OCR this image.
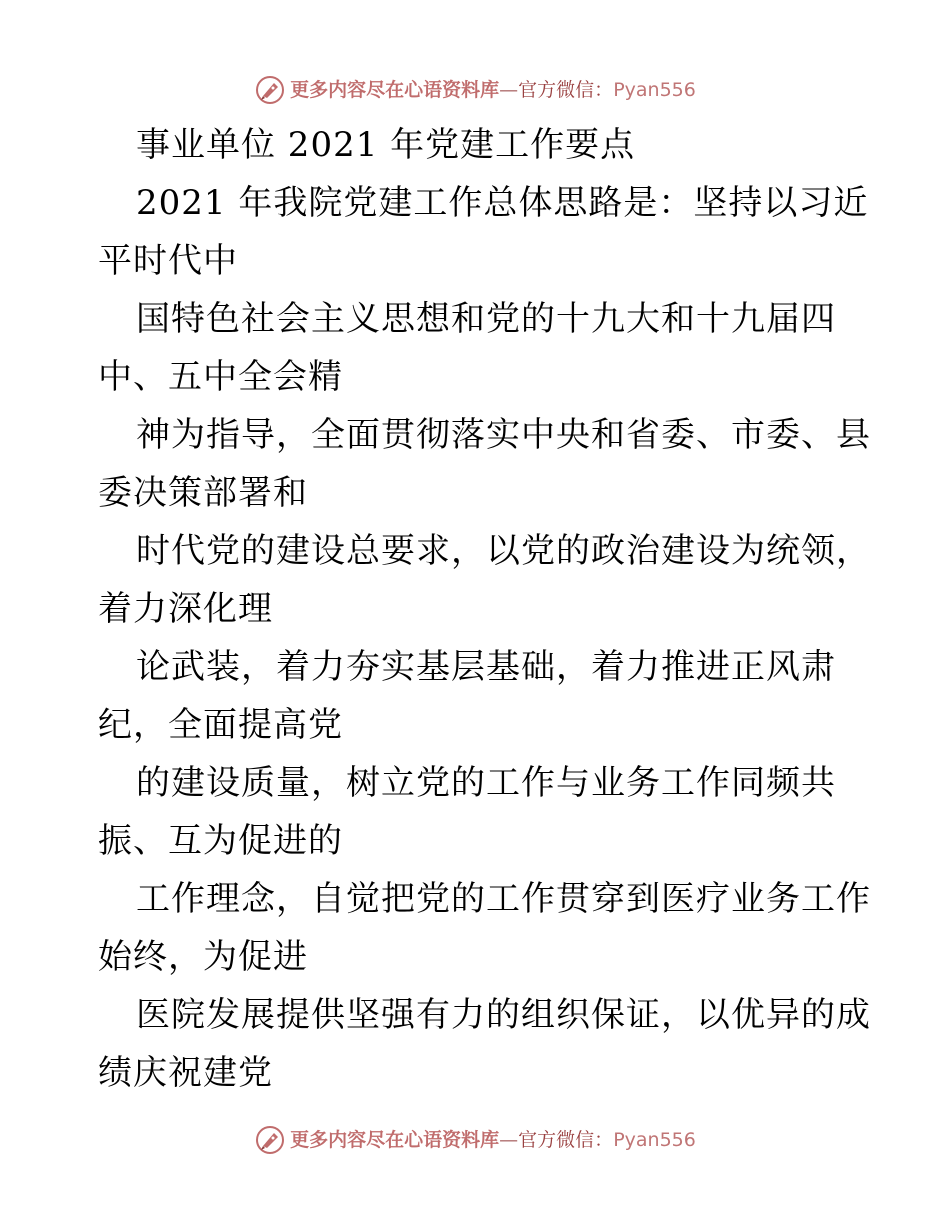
更多内容尽在心语资料库 — 官方微信： Pyan556
事业单位 2021 年党建工作要点
2021 年我院党建工作总体思路是：坚持以习近
平时代中
国特色社会主义思想和党的十九大和十九届四
中、五中全会精
神为指导，全面贯彻落实中央和省委、市委、县
委决策部署和
时代党的建设总要求，以党的政治建设为统领，
着力深化理
论武装，着力夯实基层基础，着力推进正风肃
纪，全面提高党
的建设质量，树立党的工作与业务工作同频共
振、互为促进的
工作理念，自觉把党的工作贯穿到医疗业务工作
始终，为促进
医院发展提供坚强有力的组织保证，以优异的成
绩庆祝建党
更多内容尽在心语资料库 — 官方微信： Pyan556
